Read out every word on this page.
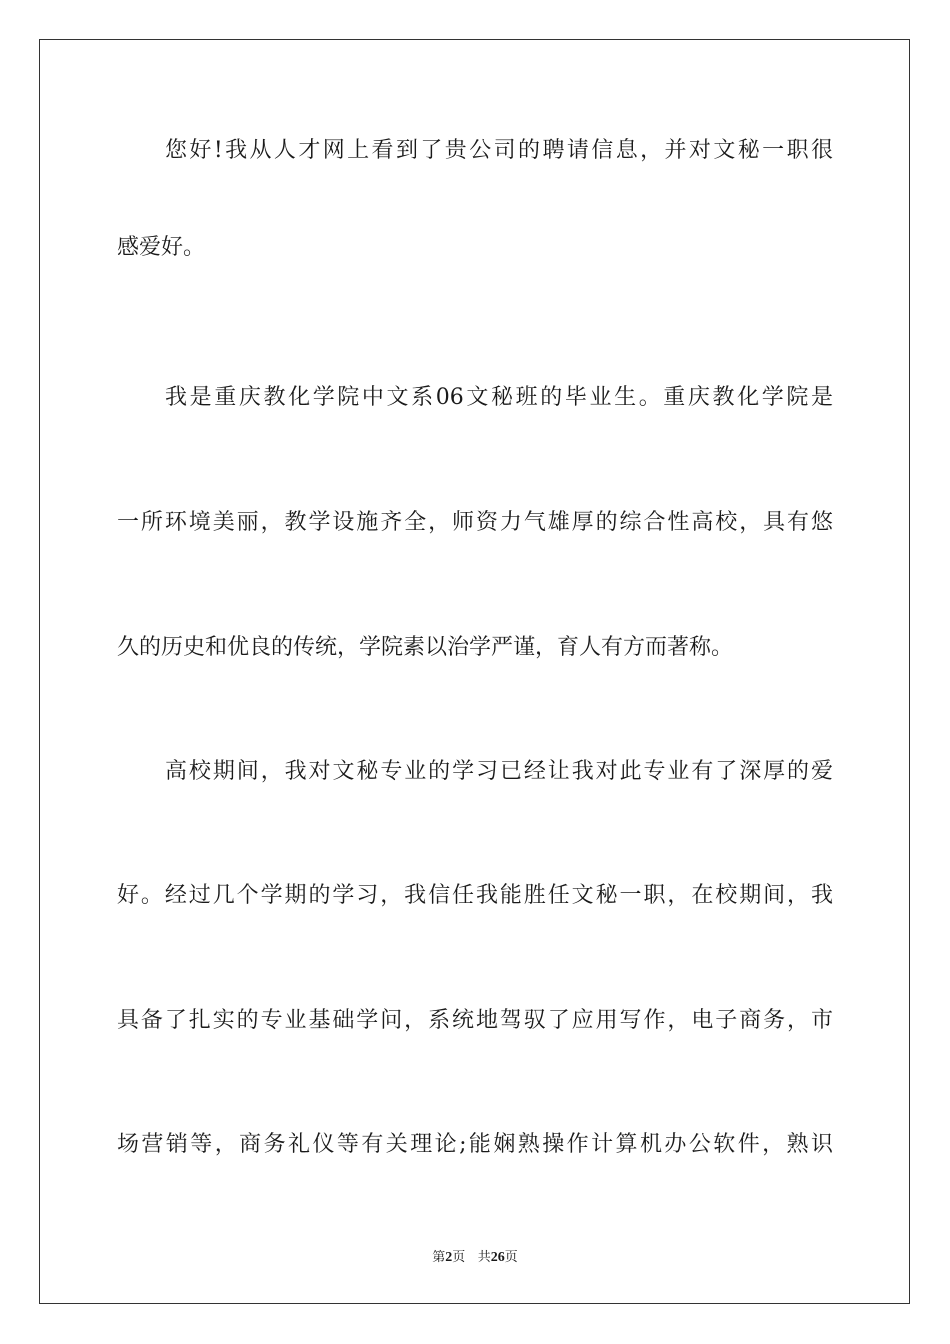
您好!我从人才网上看到了贵公司的聘请信息，并对文秘一职很
感爱好。
我是重庆教化学院中文系06文秘班的毕业生。重庆教化学院是
一所环境美丽，教学设施齐全，师资力气雄厚的综合性高校，具有悠
久的历史和优良的传统，学院素以治学严谨，育人有方而著称。
高校期间，我对文秘专业的学习已经让我对此专业有了深厚的爱
好。经过几个学期的学习，我信任我能胜任文秘一职，在校期间，我
具备了扎实的专业基础学问，系统地驾驭了应用写作，电子商务，市
场营销等，商务礼仪等有关理论;能娴熟操作计算机办公软件，熟识
第2页 共26页
